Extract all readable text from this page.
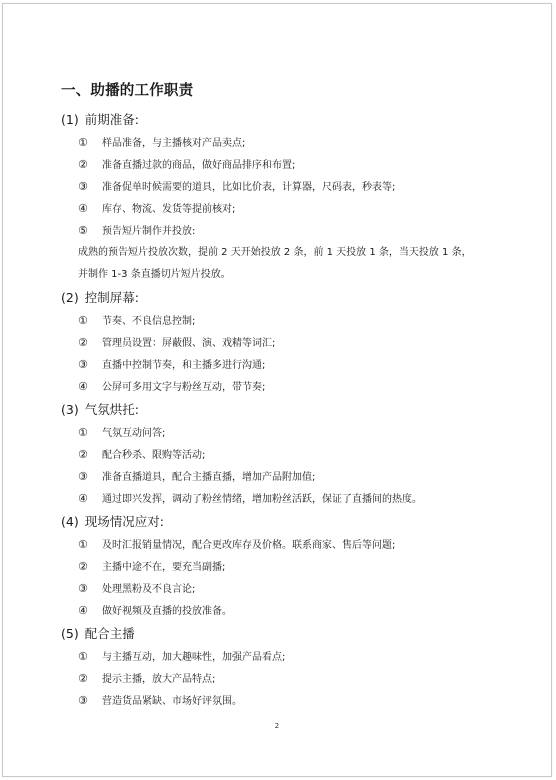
一、助播的工作职责
(1) 前期准备:
① 样品准备，与主播核对产品卖点;
② 准备直播过款的商品，做好商品排序和布置;
③ 准备促单时候需要的道具，比如比价表，计算器，尺码表，秒表等;
④ 库存、物流、发货等提前核对;
⑤ 预告短片制作并投放:
成熟的预告短片投放次数，提前 2 天开始投放 2 条，前 1 天投放 1 条，当天投放 1 条，
并制作 1-3 条直播切片短片投放。
(2) 控制屏幕:
① 节奏、不良信息控制;
② 管理员设置：屏蔽假、演、戏精等词汇;
③ 直播中控制节奏，和主播多进行沟通;
④ 公屏可多用文字与粉丝互动，带节奏;
(3) 气氛烘托:
① 气氛互动问答;
② 配合秒杀、限购等活动;
③ 准备直播道具，配合主播直播，增加产品附加值;
④ 通过即兴发挥，调动了粉丝情绪，增加粉丝活跃，保证了直播间的热度。
(4) 现场情况应对:
① 及时汇报销量情况，配合更改库存及价格。联系商家、售后等问题;
② 主播中途不在，要充当副播;
③ 处理黑粉及不良言论;
④ 做好视频及直播的投放准备。
(5) 配合主播
① 与主播互动，加大趣味性，加强产品看点;
② 提示主播，放大产品特点;
③ 营造货品紧缺、市场好评氛围。
2
